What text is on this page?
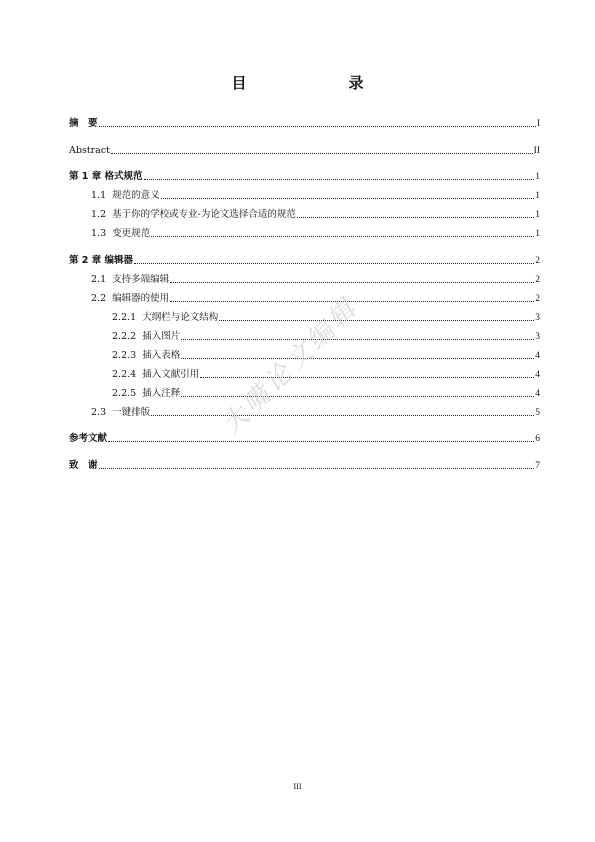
目　　录
摘　要	I
Abstract	II
第 1 章 格式规范	1
1.1 规范的意义	1
1.2 基于你的学校或专业-为论文选择合适的规范	1
1.3 变更规范	1
第 2 章 编辑器	2
2.1 支持多端编辑	2
2.2 编辑器的使用	2
2.2.1 大纲栏与论文结构	3
2.2.2 插入图片	3
2.2.3 插入表格	4
2.2.4 插入文献引用	4
2.2.5 插入注释	4
2.3 一键排版	5
参考文献	6
致　谢	7
大嘴论文编辑
III
